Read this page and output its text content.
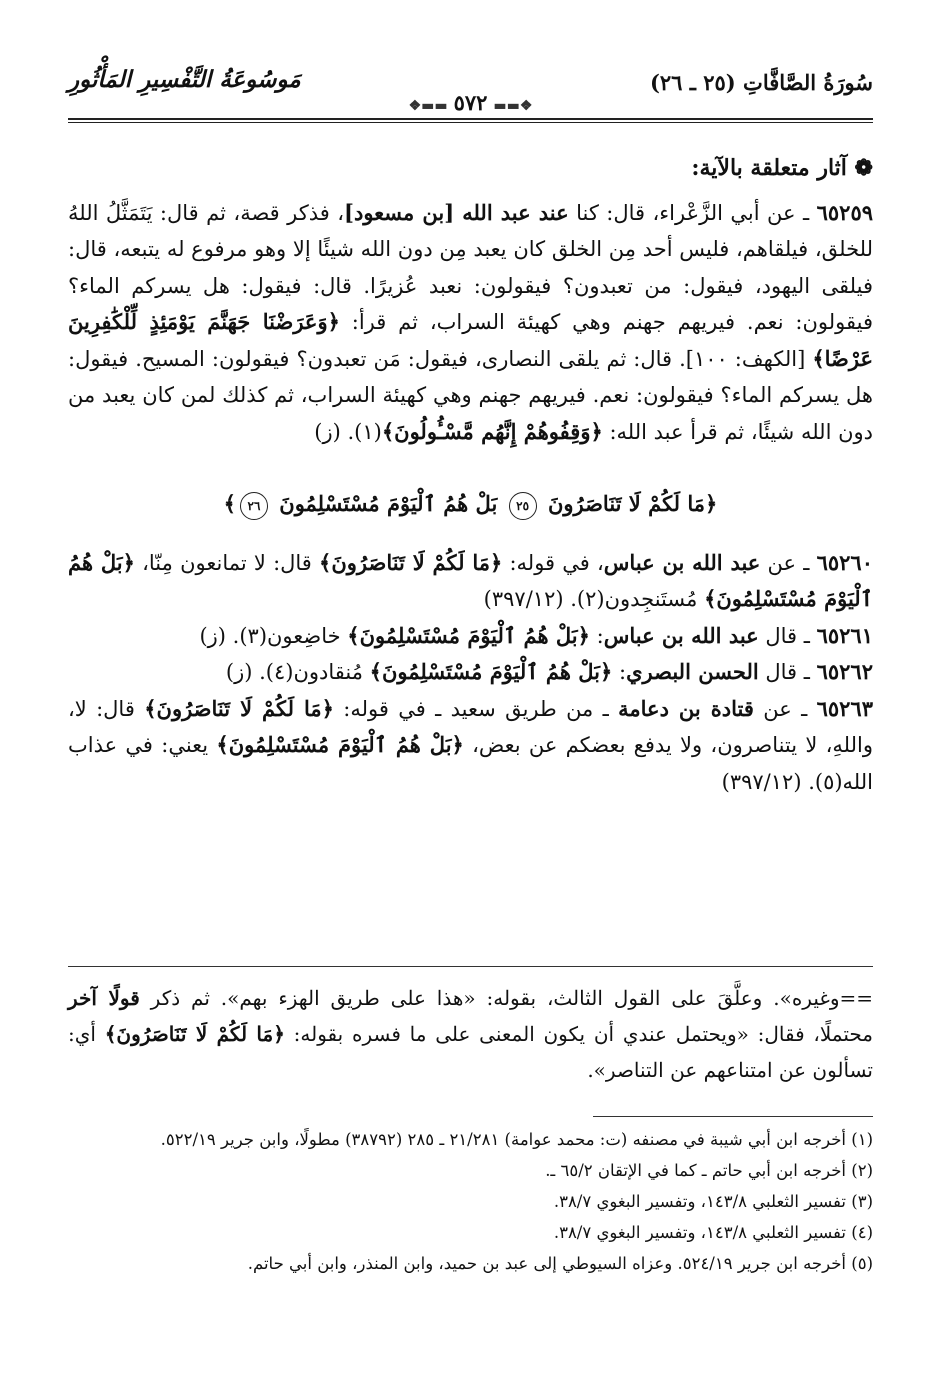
سُورَةُ الصَّافَّاتِ (٢٥ ـ ٢٦)
❖▬▬٥٧٢▬▬❖
مَوسُوعَةُ التَّفْسِيرِ المَأْثُورِ
❁ آثار متعلقة بالآية:

٦٥٢٥٩ ـ عن أبي الزَّعْراء، قال: كنا عند عبد الله [بن مسعود]، فذكر قصة، ثم قال: يَتَمَثَّلُ اللهُ للخلق، فيلقاهم، فليس أحد مِن الخلق كان يعبد مِن دون الله شيئًا إلا وهو مرفوع له يتبعه، قال: فيلقى اليهود، فيقول: من تعبدون؟ فيقولون: نعبد عُزيرًا. قال: فيقول: هل يسركم الماء؟ فيقولون: نعم. فيريهم جهنم وهي كهيئة السراب، ثم قرأ: ﴿وَعَرَضْنَا جَهَنَّمَ يَوْمَئِذٍ لِّلْكَٰفِرِينَ عَرْضًا﴾ [الكهف: ١٠٠]. قال: ثم يلقى النصارى، فيقول: مَن تعبدون؟ فيقولون: المسيح. فيقول: هل يسركم الماء؟ فيقولون: نعم. فيريهم جهنم وهي كهيئة السراب، ثم كذلك لمن كان يعبد من دون الله شيئًا، ثم قرأ عبد الله: ﴿وَقِفُوهُمْ إِنَّهُم مَّسْـُٔولُونَ﴾(١). (ز)

﴿مَا لَكُمْ لَا تَنَاصَرُونَ ٢٥ بَلْ هُمُ ٱلْيَوْمَ مُسْتَسْلِمُونَ ٢٦﴾

٦٥٢٦٠ ـ عن عبد الله بن عباس، في قوله: ﴿مَا لَكُمْ لَا تَنَاصَرُونَ﴾ قال: لا تمانعون مِنّا، ﴿بَلْ هُمُ ٱلْيَوْمَ مُسْتَسْلِمُونَ﴾ مُستَنجِدون(٢). (٣٩٧/١٢)

٦٥٢٦١ ـ قال عبد الله بن عباس: ﴿بَلْ هُمُ ٱلْيَوْمَ مُسْتَسْلِمُونَ﴾ خاضِعون(٣). (ز)

٦٥٢٦٢ ـ قال الحسن البصري: ﴿بَلْ هُمُ ٱلْيَوْمَ مُسْتَسْلِمُونَ﴾ مُنقادون(٤). (ز)

٦٥٢٦٣ ـ عن قتادة بن دعامة ـ من طريق سعيد ـ في قوله: ﴿مَا لَكُمْ لَا تَنَاصَرُونَ﴾ قال: لا، واللهِ، لا يتناصرون، ولا يدفع بعضكم عن بعض، ﴿بَلْ هُمُ ٱلْيَوْمَ مُسْتَسْلِمُونَ﴾ يعني: في عذاب الله(٥). (٣٩٧/١٢)

==وغيره». وعلَّقَ على القول الثالث، بقوله: «هذا على طريق الهزء بهم». ثم ذكر قولًا آخر محتملًا، فقال: «ويحتمل عندي أن يكون المعنى على ما فسره بقوله: ﴿مَا لَكُمْ لَا تَنَاصَرُونَ﴾ أي: تسألون عن امتناعهم عن التناصر».

(١) أخرجه ابن أبي شيبة في مصنفه (ت: محمد عوامة) ٢١/٢٨١ ـ ٢٨٥ (٣٨٧٩٢) مطولًا، وابن جرير ٥٢٢/١٩.

(٢) أخرجه ابن أبي حاتم ـ كما في الإتقان ٦٥/٢ ـ.

(٣) تفسير الثعلبي ١٤٣/٨، وتفسير البغوي ٣٨/٧.

(٤) تفسير الثعلبي ١٤٣/٨، وتفسير البغوي ٣٨/٧.

(٥) أخرجه ابن جرير ٥٢٤/١٩. وعزاه السيوطي إلى عبد بن حميد، وابن المنذر، وابن أبي حاتم.
